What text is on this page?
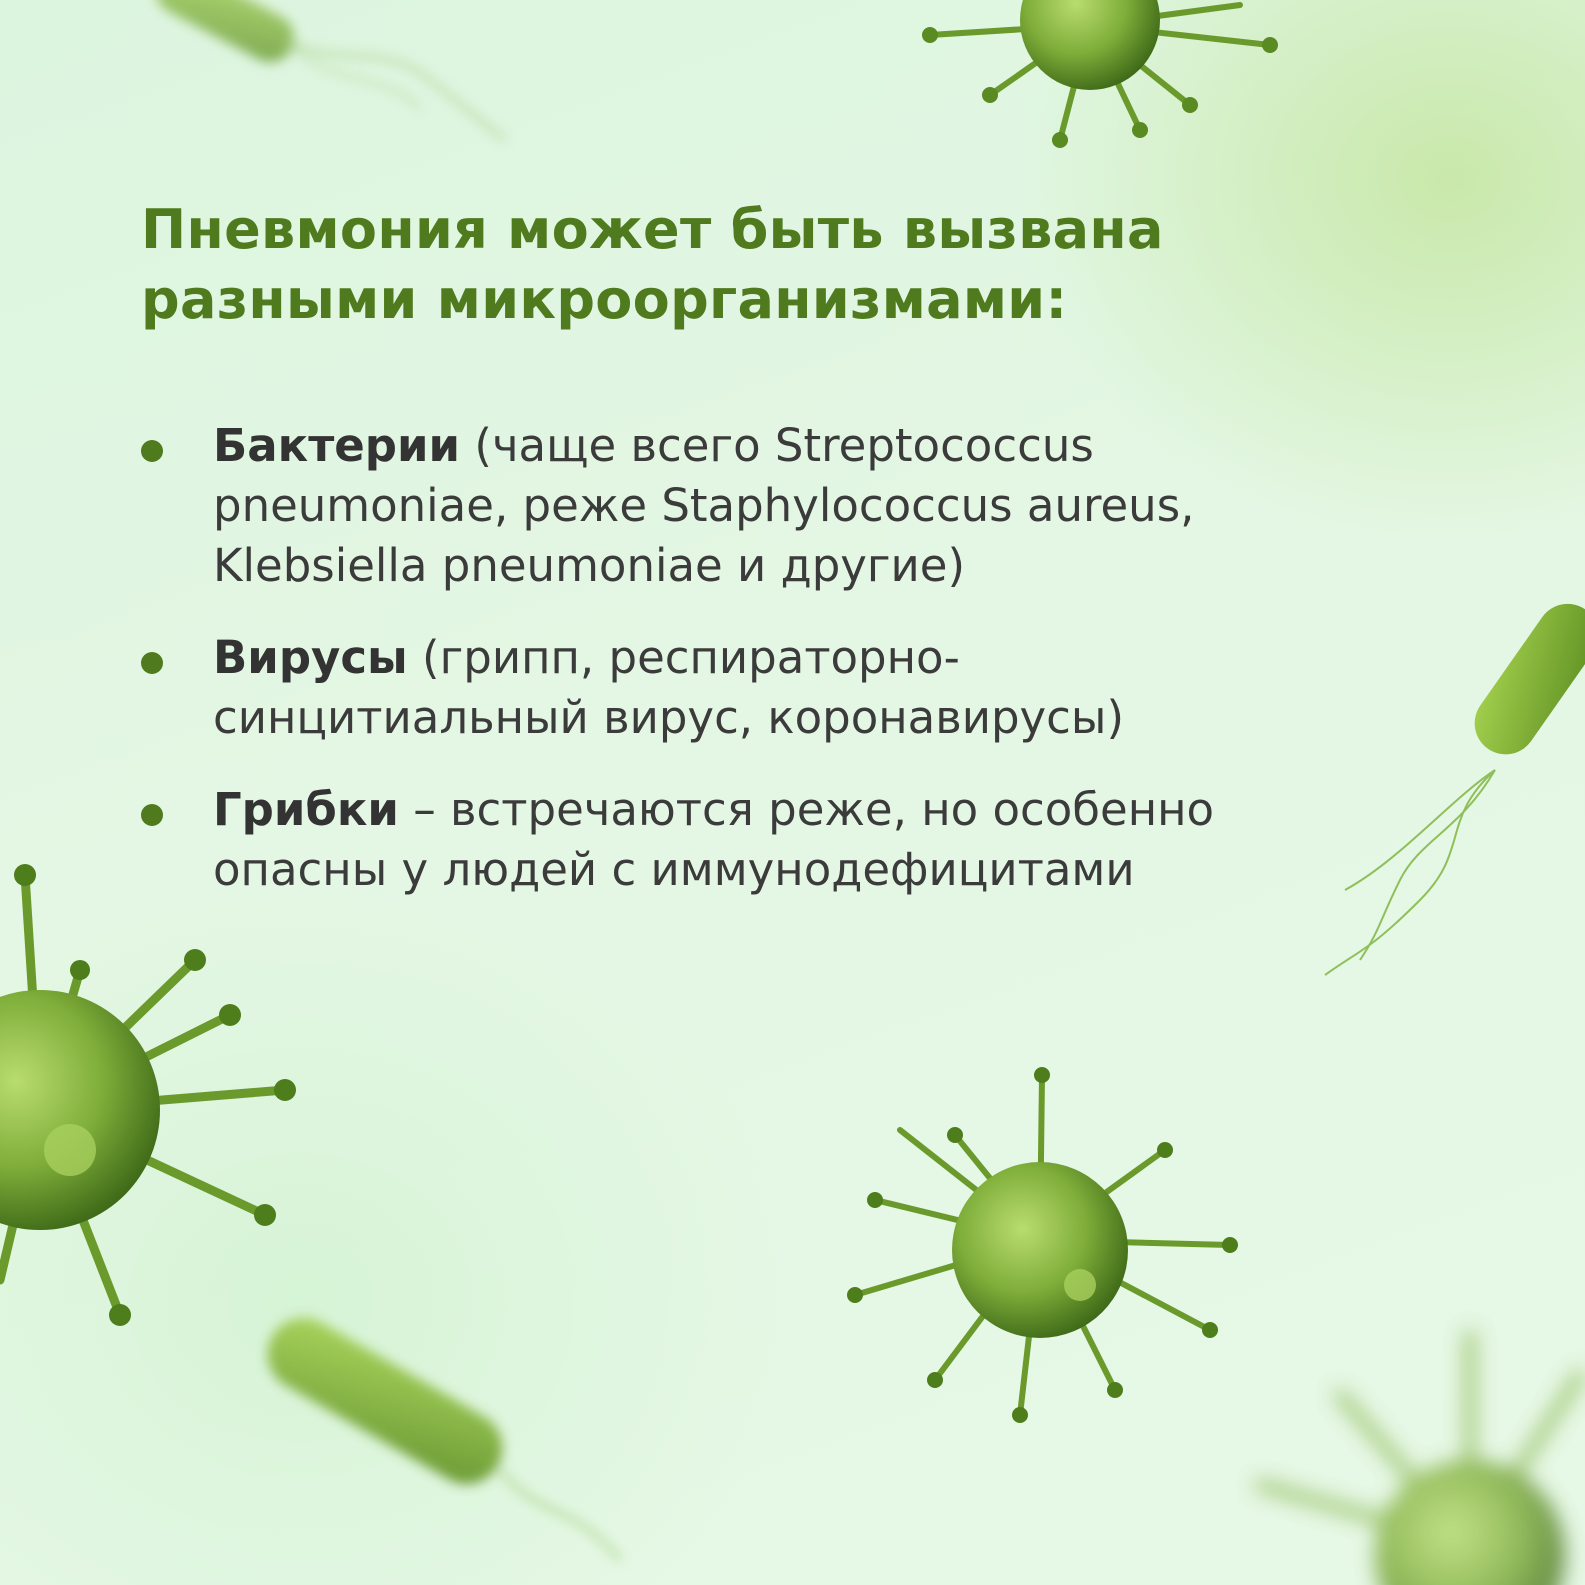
Пневмония может быть вызвана разными микроорганизмами:
Бактерии (чаще всего Streptococcus pneumoniae, реже Staphylococcus aureus, Klebsiella pneumoniae и другие)
Вирусы (грипп, респираторно-синцитиальный вирус, коронавирусы)
Грибки – встречаются реже, но особенно опасны у людей с иммунодефицитами
